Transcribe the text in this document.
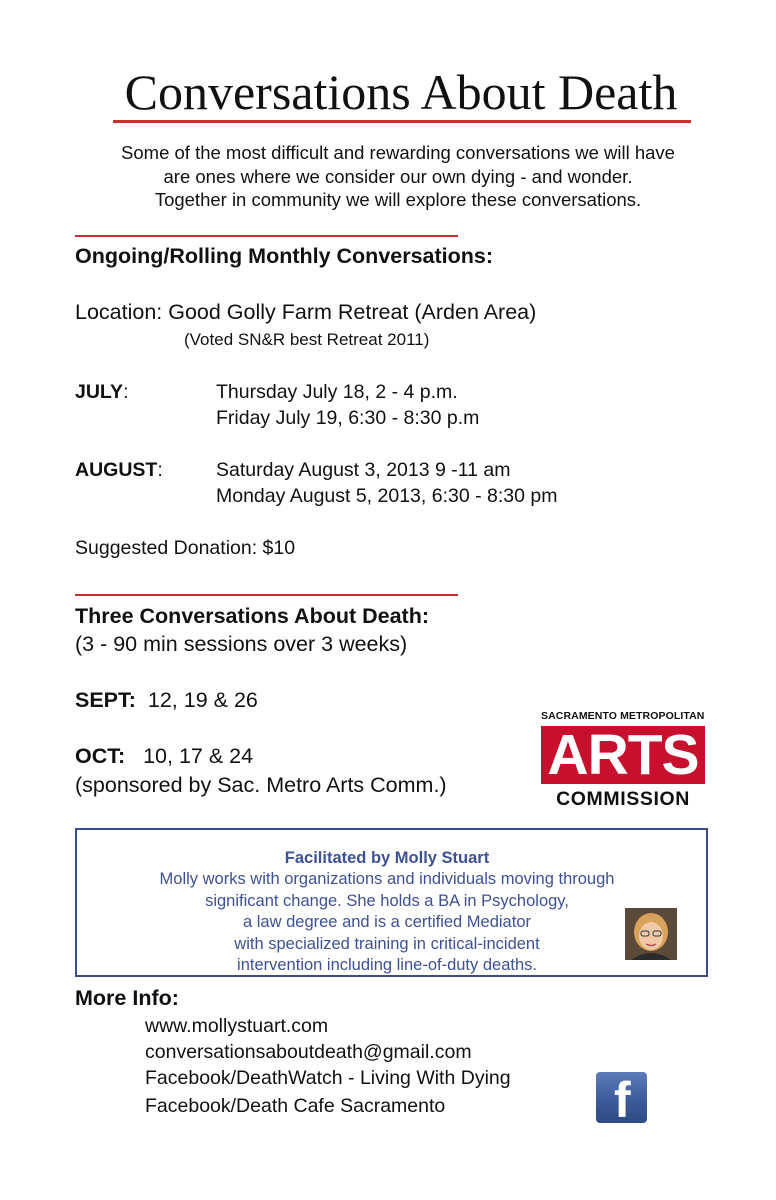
Conversations About Death
Some of the most difficult and rewarding conversations we will have
are ones where we consider our own dying - and wonder.
Together in community we will explore these conversations.
Ongoing/Rolling Monthly Conversations:
Location: Good Golly Farm Retreat (Arden Area)
(Voted SN&R best Retreat 2011)
JULY:	Thursday July 18, 2 - 4 p.m.
Friday July 19, 6:30 - 8:30 p.m
AUGUST:	Saturday August 3, 2013 9 -11 am
Monday August 5, 2013, 6:30 - 8:30 pm
Suggested Donation: $10
Three Conversations About Death:
(3 - 90 min sessions over 3 weeks)
SEPT: 12, 19 & 26
OCT: 10, 17 & 24
(sponsored by Sac. Metro Arts Comm.)
SACRAMENTO METROPOLITAN
ARTS
COMMISSION
Facilitated by Molly Stuart
Molly works with organizations and individuals moving through
significant change. She holds a BA in Psychology,
a law degree and is a certified Mediator
with specialized training in critical-incident
intervention including line-of-duty deaths.
More Info:
www.mollystuart.com
conversationsaboutdeath@gmail.com
Facebook/DeathWatch - Living With Dying
Facebook/Death Cafe Sacramento	f
